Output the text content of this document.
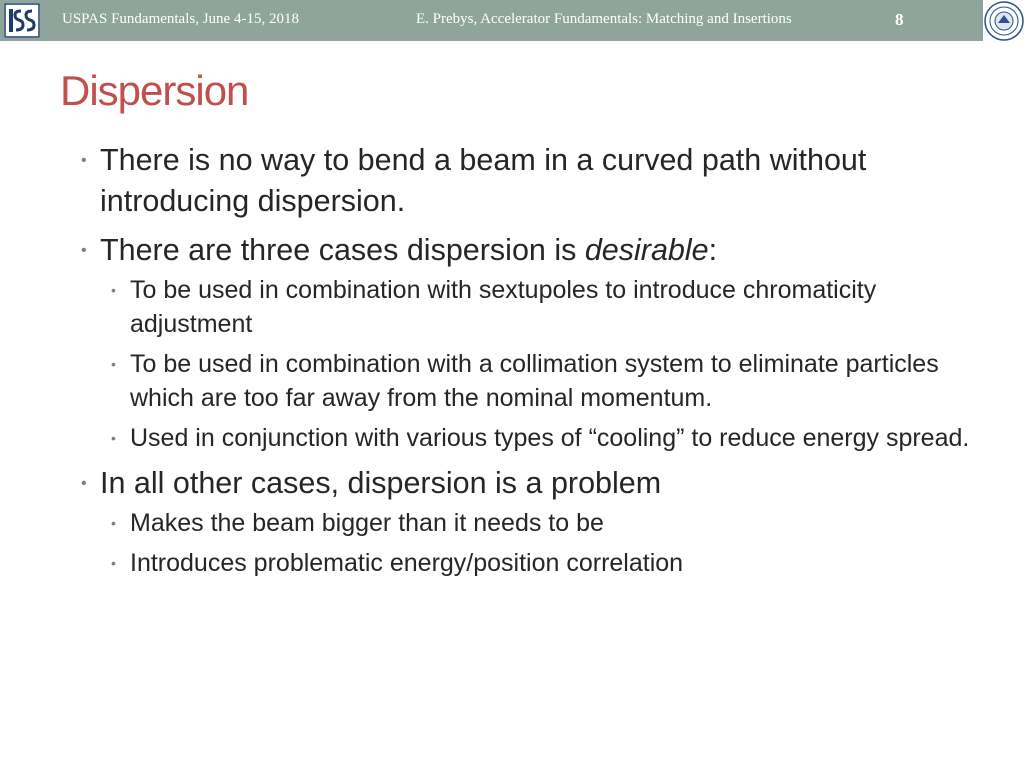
USPAS Fundamentals, June 4-15, 2018	E. Prebys, Accelerator Fundamentals: Matching and Insertions	8
Dispersion
• There is no way to bend a beam in a curved path without introducing dispersion.
• There are three cases dispersion is desirable:
• To be used in combination with sextupoles to introduce chromaticity adjustment
• To be used in combination with a collimation system to eliminate particles which are too far away from the nominal momentum.
• Used in conjunction with various types of “cooling” to reduce energy spread.
• In all other cases, dispersion is a problem
• Makes the beam bigger than it needs to be
• Introduces problematic energy/position correlation
